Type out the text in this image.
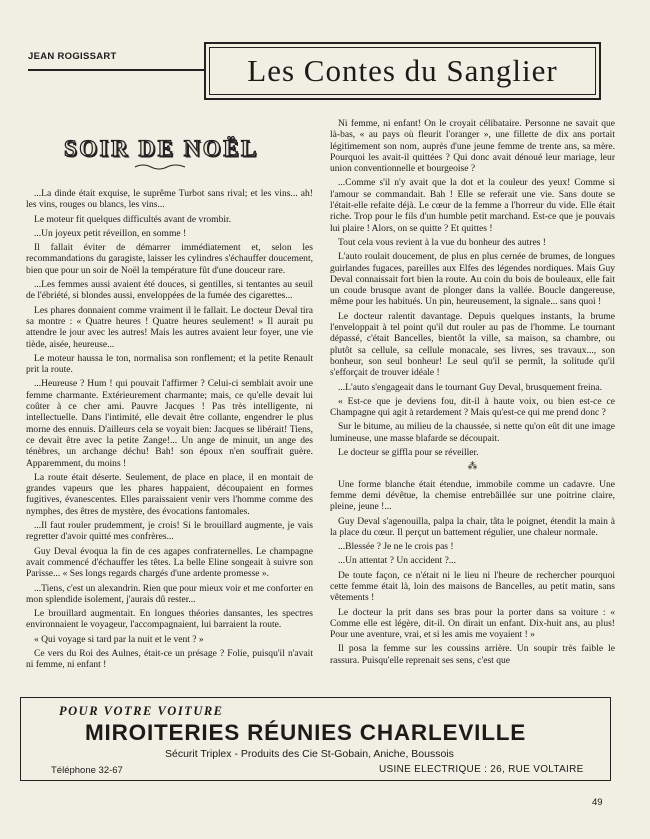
JEAN ROGISSART	Les Contes du Sanglier
SOIR DE NOËL

...La dinde était exquise, le suprême Turbot sans rival; et les vins... ah! les vins, rouges ou blancs, les vins...

Le moteur fit quelques difficultés avant de vrombir.

...Un joyeux petit réveillon, en somme !

Il fallait éviter de démarrer immédiatement et, selon les recommandations du garagiste, laisser les cylindres s'échauffer doucement, bien que pour un soir de Noël la température fût d'une douceur rare.

...Les femmes aussi avaient été douces, si gentilles, si tentantes au seuil de l'ébriété, si blondes aussi, enveloppées de la fumée des cigarettes...

Les phares donnaient comme vraiment il le fallait. Le docteur Deval tira sa montre : « Quatre heures ! Quatre heures seulement! » Il aurait pu attendre le jour avec les autres! Mais les autres avaient leur foyer, une vie tiède, aisée, heureuse...

Le moteur haussa le ton, normalisa son ronflement; et la petite Renault prit la route.

...Heureuse ? Hum ! qui pouvait l'affirmer ? Celui-ci semblait avoir une femme charmante. Extérieurement charmante; mais, ce qu'elle devait lui coûter à ce cher ami. Pauvre Jacques ! Pas très intelligente, ni intellectuelle. Dans l'intimité, elle devait être collante, engendrer le plus morne des ennuis. D'ailleurs cela se voyait bien: Jacques se libérait! Tiens, ce devait être avec la petite Zange!... Un ange de minuit, un ange des ténèbres, un archange déchu! Bah! son époux n'en souffrait guère. Apparemment, du moins !

La route était déserte. Seulement, de place en place, il en montait de grandes vapeurs que les phares happaient, découpaient en formes fugitives, évanescentes. Elles paraissaient venir vers l'homme comme des nymphes, des êtres de mystère, des évocations fantomales.

...Il faut rouler prudemment, je crois! Si le brouillard augmente, je vais regretter d'avoir quitté mes confrères...

Guy Deval évoqua la fin de ces agapes confraternelles. Le champagne avait commencé d'échauffer les têtes. La belle Eline songeait à suivre son Parisse... « Ses longs regards chargés d'une ardente promesse ».

...Tiens, c'est un alexandrin. Rien que pour mieux voir et me conforter en mon splendide isolement, j'aurais dû rester...

Le brouillard augmentait. En longues théories dansantes, les spectres environnaient le voyageur, l'accompagnaient, lui barraient la route.

« Qui voyage si tard par la nuit et le vent ? »

Ce vers du Roi des Aulnes, était-ce un présage ? Folie, puisqu'il n'avait ni femme, ni enfant !

Ni femme, ni enfant! On le croyait célibataire. Personne ne savait que là-bas, « au pays où fleurit l'oranger », une fillette de dix ans portait légitimement son nom, auprès d'une jeune femme de trente ans, sa mère. Pourquoi les avait-il quittées ? Qui donc avait dénoué leur mariage, leur union conventionnelle et bourgeoise ?

...Comme s'il n'y avait que la dot et la couleur des yeux! Comme si l'amour se commandait. Bah ! Elle se referait une vie. Sans doute se l'était-elle refaite déjà. Le cœur de la femme a l'horreur du vide. Elle était riche. Trop pour le fils d'un humble petit marchand. Est-ce que je pouvais lui plaire ! Alors, on se quitte ? Et quittes !

Tout cela vous revient à la vue du bonheur des autres !

L'auto roulait doucement, de plus en plus cernée de brumes, de longues guirlandes fugaces, pareilles aux Elfes des légendes nordiques. Mais Guy Deval connaissait fort bien la route. Au coin du bois de bouleaux, elle fait un coude brusque avant de plonger dans la vallée. Boucle dangereuse, même pour les habitués. Un pin, heureusement, la signale... sans quoi !

Le docteur ralentit davantage. Depuis quelques instants, la brume l'enveloppait à tel point qu'il dut rouler au pas de l'homme. Le tournant dépassé, c'était Bancelles, bientôt la ville, sa maison, sa chambre, ou plutôt sa cellule, sa cellule monacale, ses livres, ses travaux..., son bonheur, son seul bonheur! Le seul qu'il se permît, la solitude qu'il s'efforçait de trouver idéale !

...L'auto s'engageait dans le tournant Guy Deval, brusquement freina.

« Est-ce que je deviens fou, dit-il à haute voix, ou bien est-ce ce Champagne qui agit à retardement ? Mais qu'est-ce qui me prend donc ?

Sur le bitume, au milieu de la chaussée, si nette qu'on eût dit une image lumineuse, une masse blafarde se découpait.

Le docteur se giffla pour se réveiller.

⁂

Une forme blanche était étendue, immobile comme un cadavre. Une femme demi dévêtue, la chemise entrebâillée sur une poitrine claire, pleine, jeune !...

Guy Deval s'agenouilla, palpa la chair, tâta le poignet, étendit la main à la place du cœur. Il perçut un battement régulier, une chaleur normale.

...Blessée ? Je ne le crois pas !

...Un attentat ? Un accident ?...

De toute façon, ce n'était ni le lieu ni l'heure de rechercher pourquoi cette femme était là, loin des maisons de Bancelles, au petit matin, sans vêtements !

Le docteur la prit dans ses bras pour la porter dans sa voiture : « Comme elle est légère, dit-il. On dirait un enfant. Dix-huit ans, au plus! Pour une aventure, vrai, et si les amis me voyaient ! »

Il posa la femme sur les coussins arrière. Un soupir très faible le rassura. Puisqu'elle reprenait ses sens, c'est que

POUR VOTRE VOITURE
MIROITERIES RÉUNIES CHARLEVILLE
Sécurit Triplex - Produits des Cie St-Gobain, Aniche, Boussois
Téléphone 32-67	USINE ELECTRIQUE : 26, RUE VOLTAIRE
49
